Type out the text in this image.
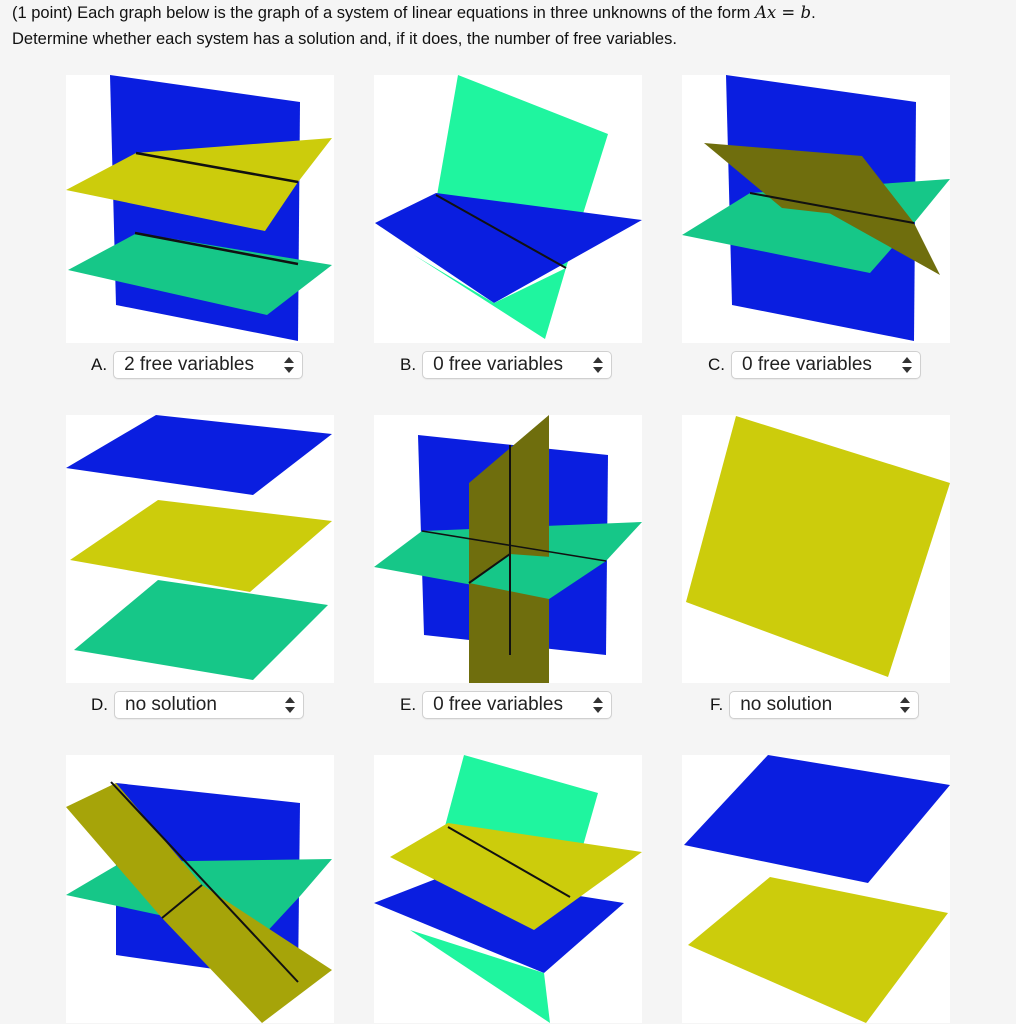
(1 point) Each graph below is the graph of a system of linear equations in three unknowns of the form Ax = b.
Determine whether each system has a solution and, if it does, the number of free variables.
A. 2 free variables	B. 0 free variables	C. 0 free variables
D. no solution	E. 0 free variables	F. no solution
